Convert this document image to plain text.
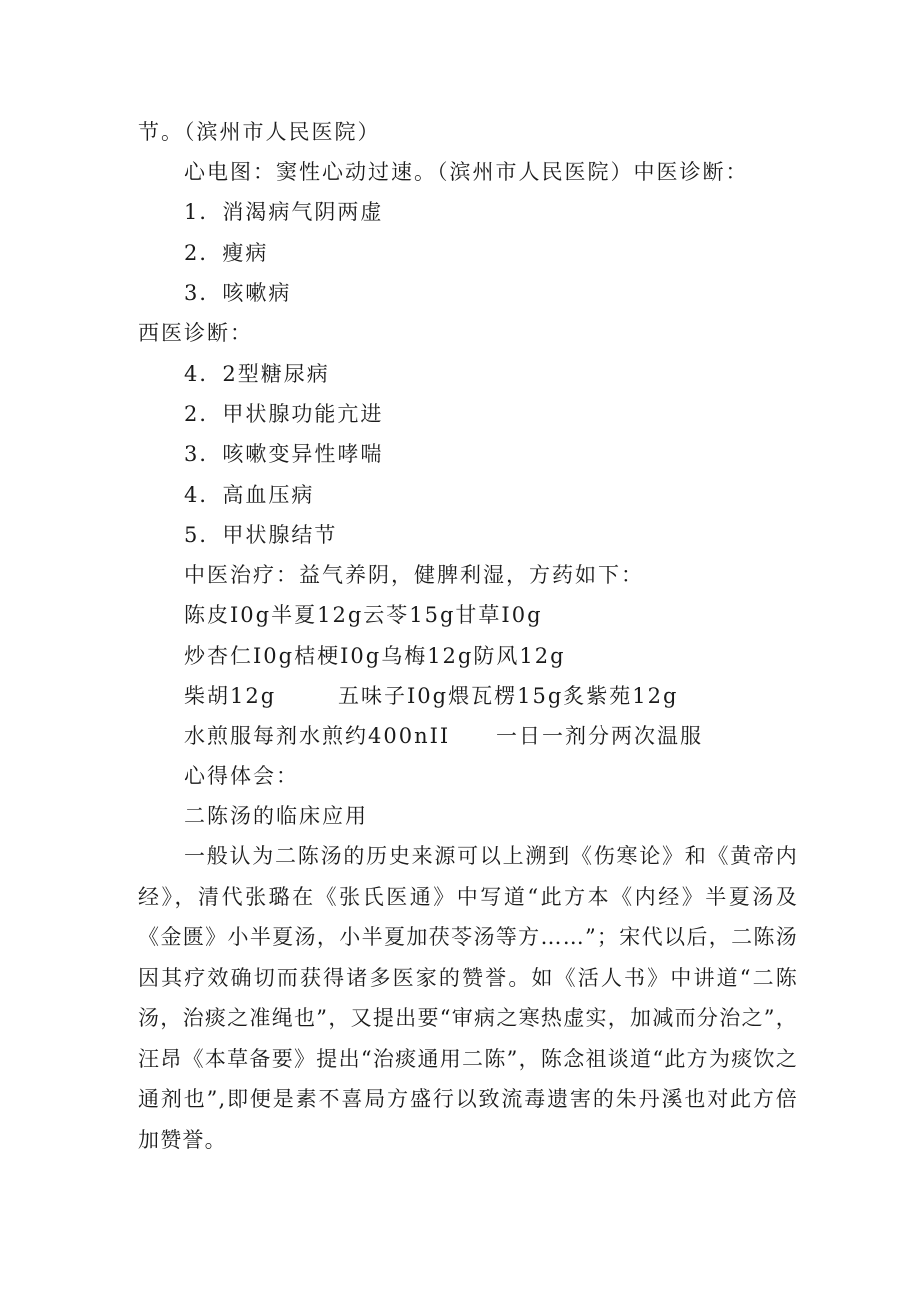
节。（滨州市人民医院）
心电图：窦性心动过速。（滨州市人民医院）中医诊断：
1．消渴病气阴两虚
2．瘦病
3．咳嗽病
西医诊断：
4．2型糖尿病
2．甲状腺功能亢进
3．咳嗽变异性哮喘
4．高血压病
5．甲状腺结节
中医治疗：益气养阴，健脾利湿，方药如下：
陈皮I0g半夏12g云苓15g甘草I0g
炒杏仁I0g桔梗I0g乌梅12g防风12g
柴胡12g	五味子I0g煨瓦楞15g炙紫苑12g
水煎服每剂水煎约400nII 一日一剂分两次温服
心得体会：
二陈汤的临床应用
一般认为二陈汤的历史来源可以上溯到《伤寒论》和《黄帝内经》，清代张璐在《张氏医通》中写道“此方本《内经》半夏汤及《金匮》小半夏汤，小半夏加茯苓汤等方……”；宋代以后，二陈汤因其疗效确切而获得诸多医家的赞誉。如《活人书》中讲道“二陈汤，治痰之准绳也”，又提出要“审病之寒热虚实，加减而分治之”，汪昂《本草备要》提出“治痰通用二陈”，陈念祖谈道“此方为痰饮之通剂也”,即便是素不喜局方盛行以致流毒遗害的朱丹溪也对此方倍加赞誉。
